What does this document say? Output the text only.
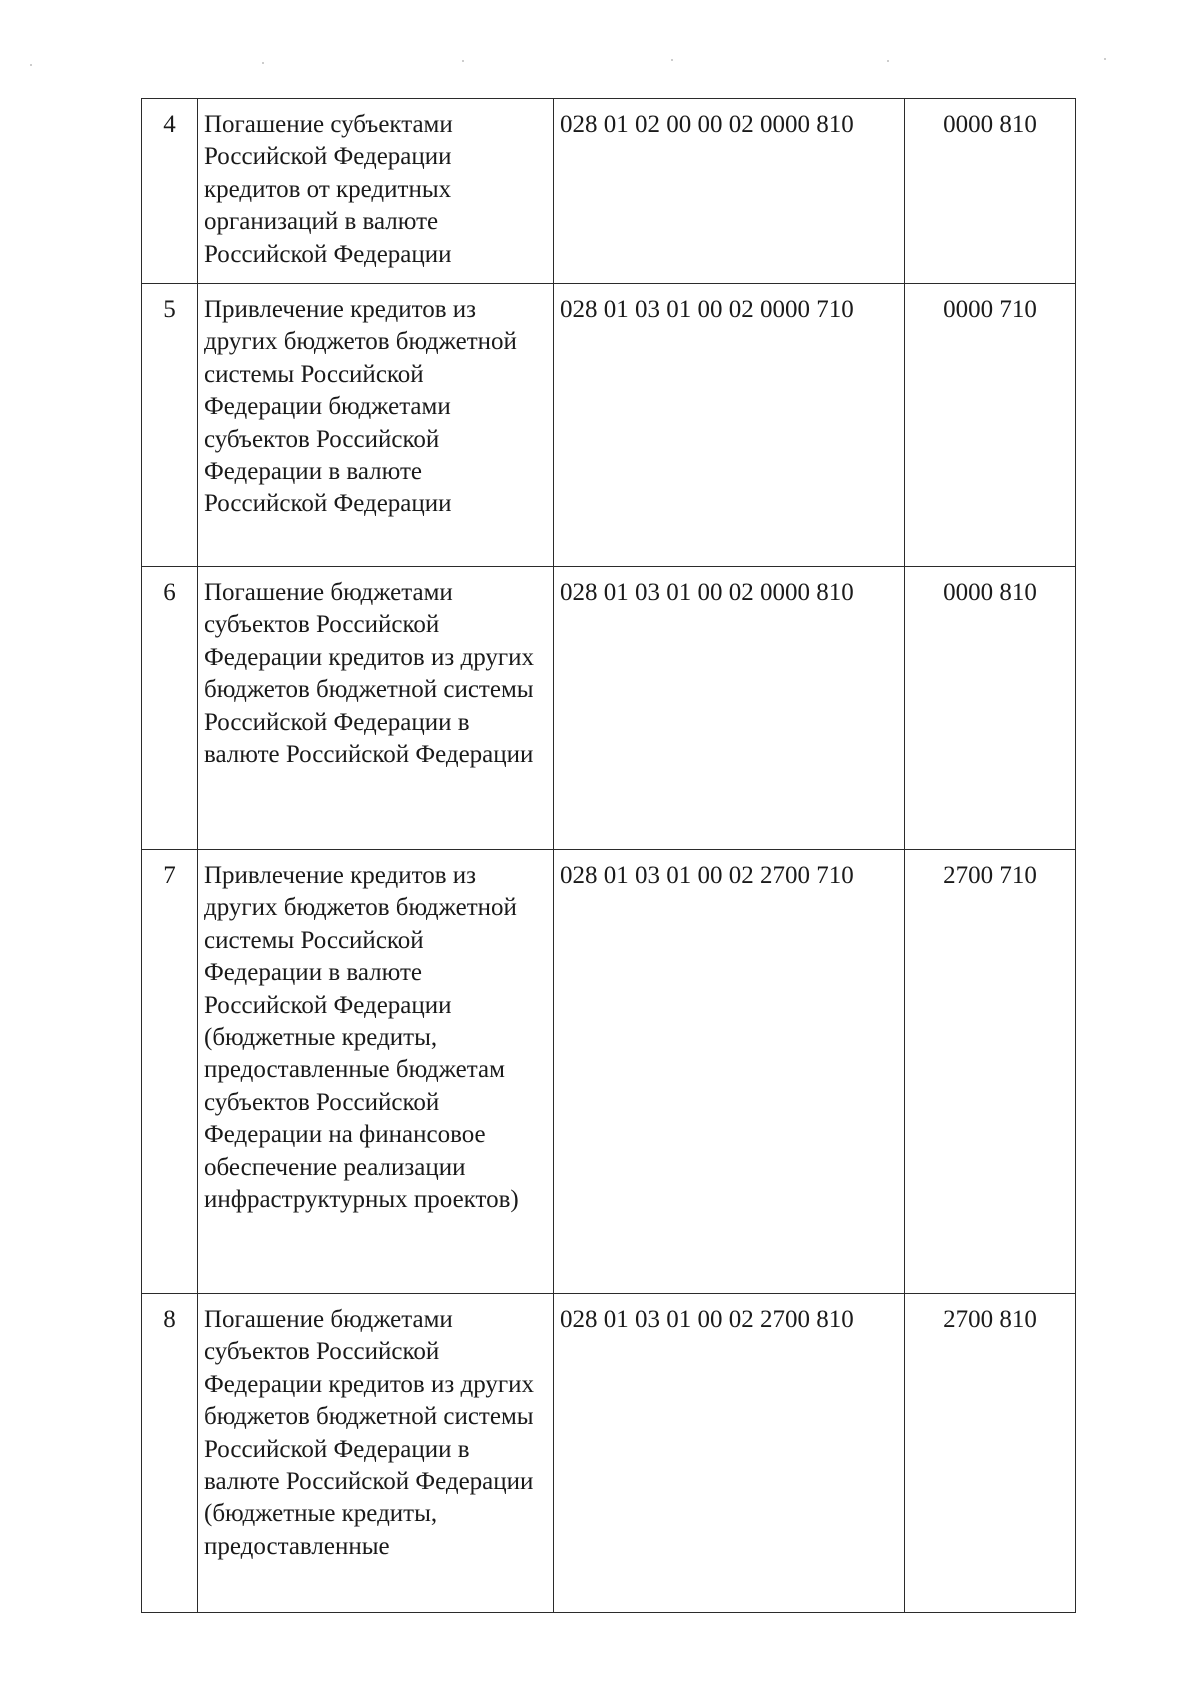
4	Погашение субъектами Российской Федерации кредитов от кредитных организаций в валюте Российской Федерации	028 01 02 00 00 02 0000 810	0000 810
5	Привлечение кредитов из других бюджетов бюджетной системы Российской Федерации бюджетами субъектов Российской Федерации в валюте Российской Федерации	028 01 03 01 00 02 0000 710	0000 710
6	Погашение бюджетами субъектов Российской Федерации кредитов из других бюджетов бюджетной системы Российской Федерации в валюте Российской Федерации	028 01 03 01 00 02 0000 810	0000 810
7	Привлечение кредитов из других бюджетов бюджетной системы Российской Федерации в валюте Российской Федерации (бюджетные кредиты, предоставленные бюджетам субъектов Российской Федерации на финансовое обеспечение реализации инфраструктурных проектов)	028 01 03 01 00 02 2700 710	2700 710
8	Погашение бюджетами субъектов Российской Федерации кредитов из других бюджетов бюджетной системы Российской Федерации в валюте Российской Федерации (бюджетные кредиты, предоставленные	028 01 03 01 00 02 2700 810	2700 810
